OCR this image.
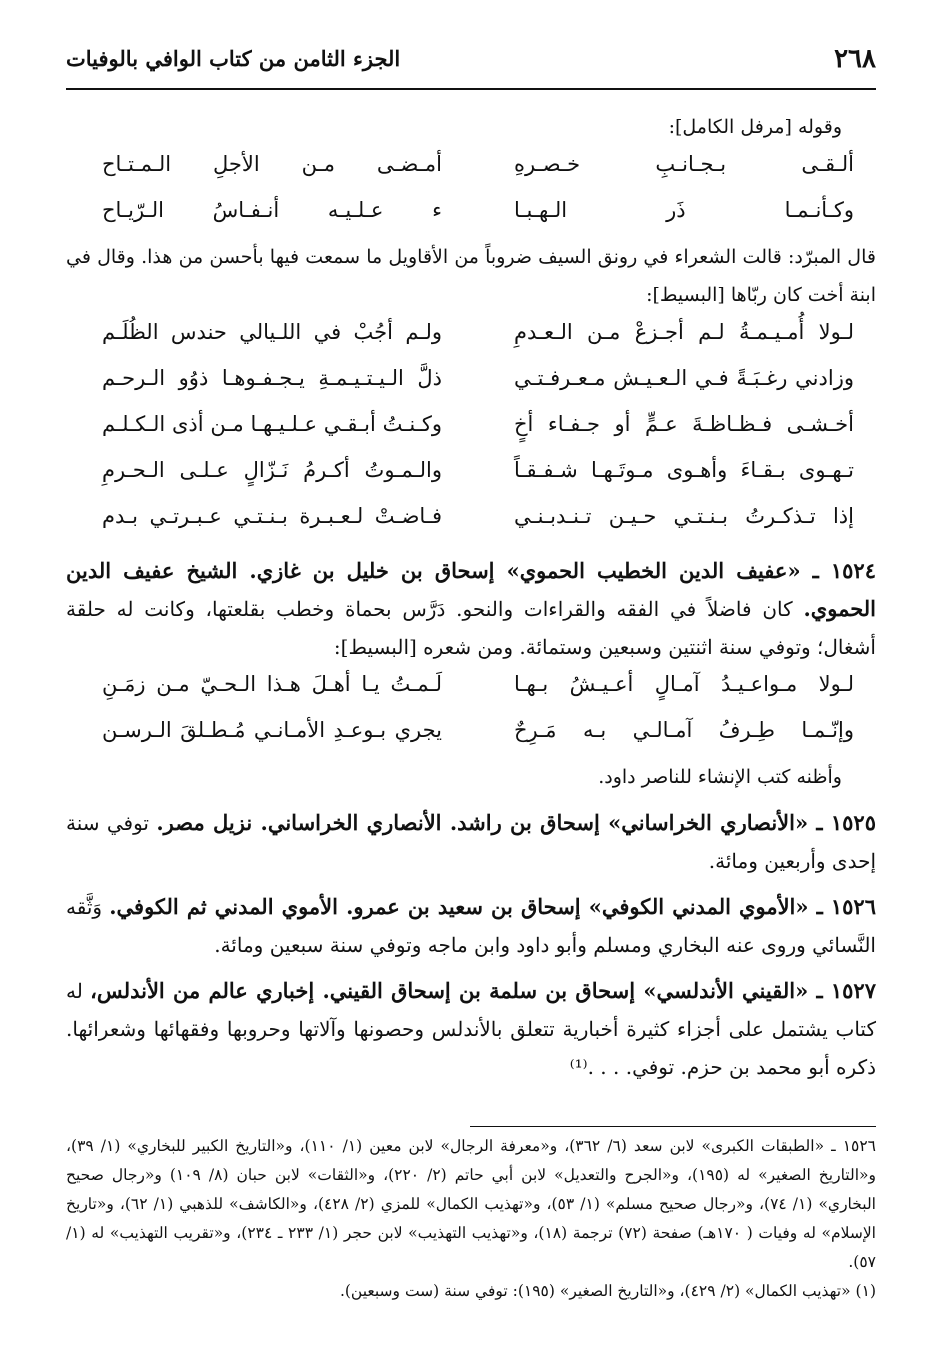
٢٦٨
الجزء الثامن من كتاب الوافي بالوفيات

وقوله [مرفل الكامل]:

ألـقـى بـجـانـبِ خـصـرهِ
أمـضـى مـن الأجلِ الـمـتـاح
وكـأنـمـا ذَر الـهـبـا
ء عـلـيـه أنـفـاسُ الـرّيـاح

قال المبرّد: قالت الشعراء في رونق السيف ضروباً من الأقاويل ما سمعت فيها بأحسن من هذا. وقال في ابنة أخت كان ربّاها [البسيط]:

لـولا أُمـيـمـةُ لـم أجـزعْ مـن الـعـدمِ
ولـم أجُبْ في اللـيالي حندس الظُلَـم
وزادني رغـبَـةً فـي الـعـيـش مـعـرفـتـي
ذلَّ الـيـتـيـمـةِ يـجـفـوهـا ذوُو الـرحـم
أخـشـى فـظـاظـةَ عـمٍّ أو جـفـاء أخٍ
وكـنـتُ أبـقـي عـلـيـهـا مـن أذى الـكـلـم
تـهـوى بـقـاءَ وأهـوى مـوتَـهـا شـفـقـاً
والـمـوتُ أكـرمُ نَـزّالٍ عـلـى الـحـرمِ
إذا تـذكـرتُ بـنـتـي حـيـن تـنـدبـنـي
فـاضـتْ لـعـبـرة بـنـتـي عـبـرتـي بـدم

١٥٢٤ ـ «عفيف الدين الخطيب الحموي» إسحاق بن خليل بن غازي. الشيخ عفيف الدين الحموي. كان فاضلاً في الفقه والقراءات والنحو. دَرَّس بحماة وخطب بقلعتها، وكانت له حلقة أشغال؛ وتوفي سنة اثنتين وسبعين وستمائة. ومن شعره [البسيط]:

لـولا مـواعـيـدُ آمـالٍ أعـيـشُ بـهـا
لَـمـتُ يـا أهـلَ هـذا الـحـيّ مـن زمَـنِ
وإنّـمـا طِـرفُ آمـالـي بـه مَـرِحٌ
يجري بـوعـدِ الأمـانـي مُـطـلقَ الـرسـن

وأظنه كتب الإنشاء للناصر داود.

١٥٢٥ ـ «الأنصاري الخراساني» إسحاق بن راشد. الأنصاري الخراساني. نزيل مصر. توفي سنة إحدى وأربعين ومائة.

١٥٢٦ ـ «الأموي المدني الكوفي» إسحاق بن سعيد بن عمرو. الأموي المدني ثم الكوفي. وَثَّقه النَّسائي وروى عنه البخاري ومسلم وأبو داود وابن ماجه وتوفي سنة سبعين ومائة.

١٥٢٧ ـ «القيني الأندلسي» إسحاق بن سلمة بن إسحاق القيني. إخباري عالم من الأندلس، له كتاب يشتمل على أجزاء كثيرة أخبارية تتعلق بالأندلس وحصونها وآلاتها وحروبها وفقهائها وشعرائها. ذكره أبو محمد بن حزم. توفي. . . .⁽¹⁾

١٥٢٦ ـ «الطبقات الكبرى» لابن سعد (٦/ ٣٦٢)، و«معرفة الرجال» لابن معين (١/ ١١٠)، و«التاريخ الكبير للبخاري» (١/ ٣٩)، و«التاريخ الصغير» له (١٩٥)، و«الجرح والتعديل» لابن أبي حاتم (٢/ ٢٢٠)، و«الثقات» لابن حبان (٨/ ١٠٩) و«رجال صحيح البخاري» (١/ ٧٤)، و«رجال صحيح مسلم» (١/ ٥٣)، و«تهذيب الكمال» للمزي (٢/ ٤٢٨)، و«الكاشف» للذهبي (١/ ٦٢)، و«تاريخ الإسلام» له وفيات ( ١٧٠هـ) صفحة (٧٢) ترجمة (١٨)، و«تهذيب التهذيب» لابن حجر (١/ ٢٣٣ ـ ٢٣٤)، و«تقريب التهذيب» له (١/ ٥٧).

(١) «تهذيب الكمال» (٢/ ٤٢٩)، و«التاريخ الصغير» (١٩٥): توفي سنة (ست وسبعين).
